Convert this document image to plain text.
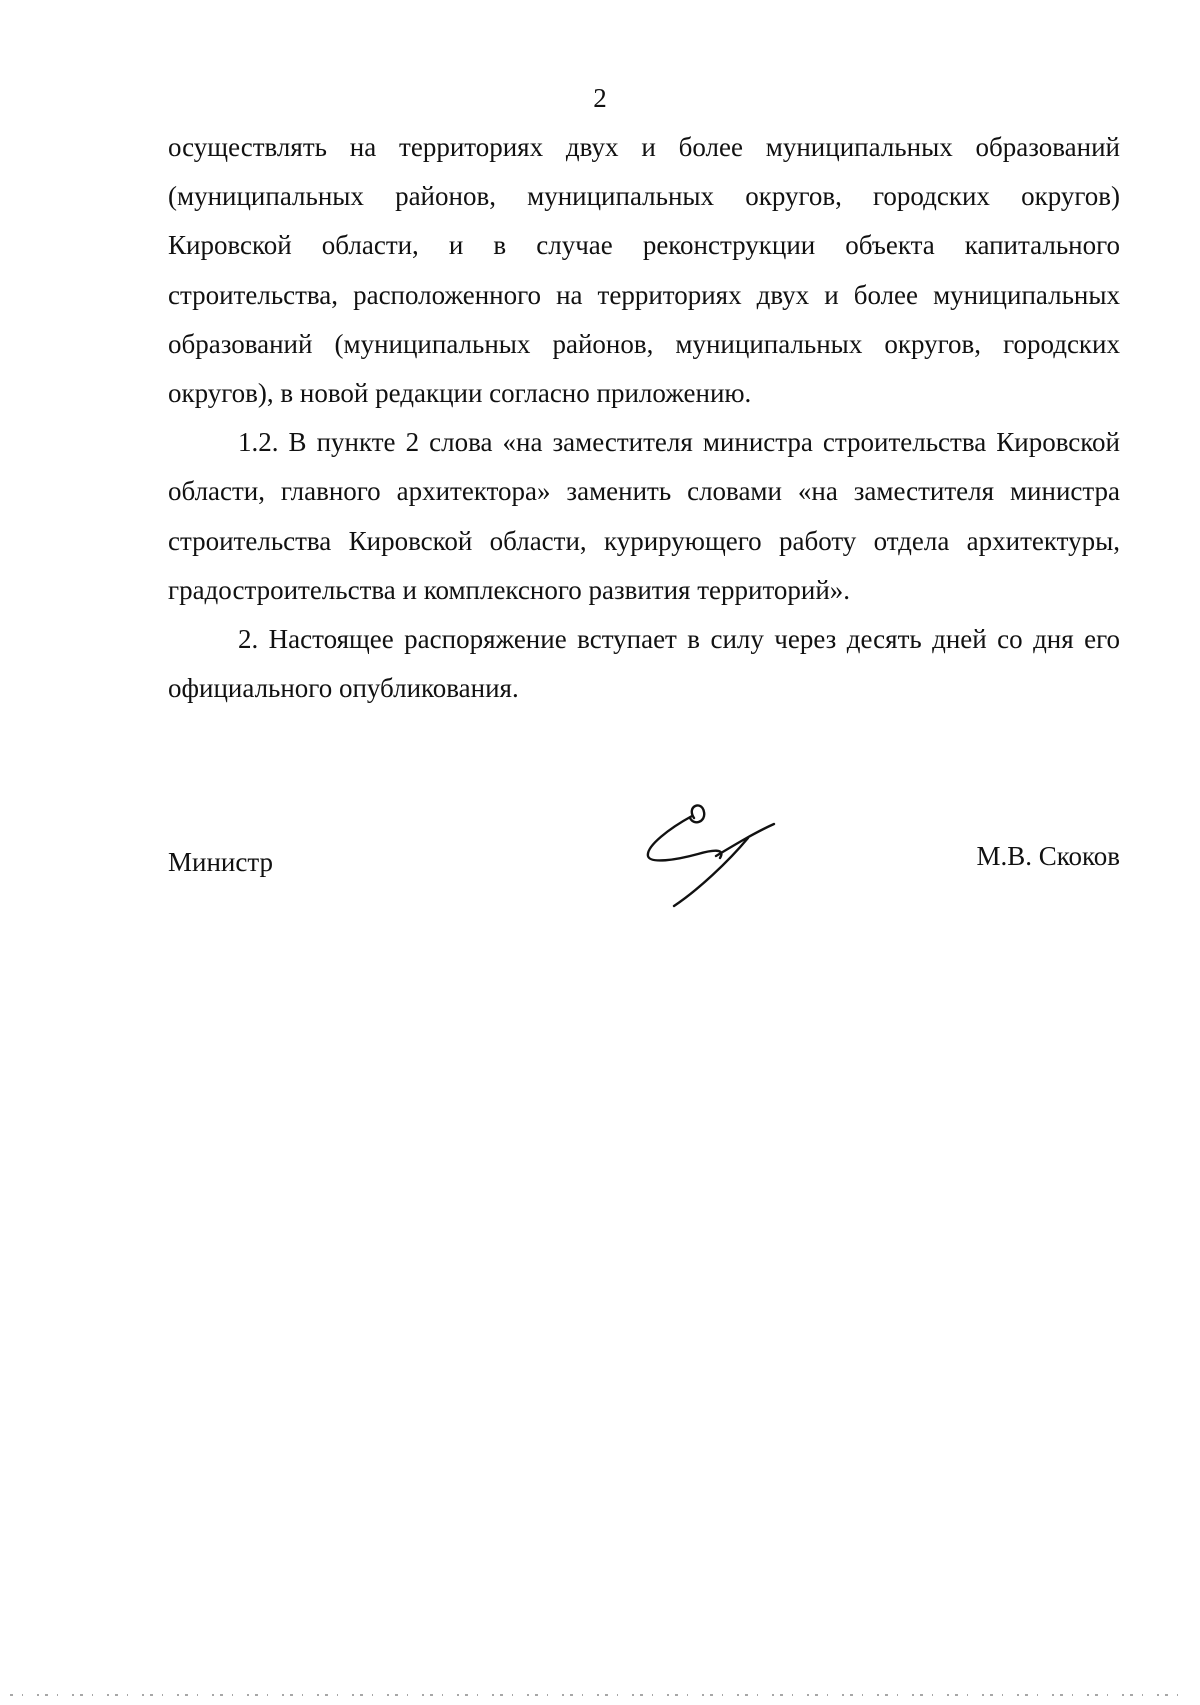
2

осуществлять на территориях двух и более муниципальных образований (муниципальных районов, муниципальных округов, городских округов) Кировской области, и в случае реконструкции объекта капитального строительства, расположенного на территориях двух и более муниципальных образований (муниципальных районов, муниципальных округов, городских округов), в новой редакции согласно приложению.

1.2. В пункте 2 слова «на заместителя министра строительства Кировской области, главного архитектора» заменить словами «на заместителя министра строительства Кировской области, курирующего работу отдела архитектуры, градостроительства и комплексного развития территорий».

2. Настоящее распоряжение вступает в силу через десять дней со дня его официального опубликования.

Министр	М.В. Скоков
